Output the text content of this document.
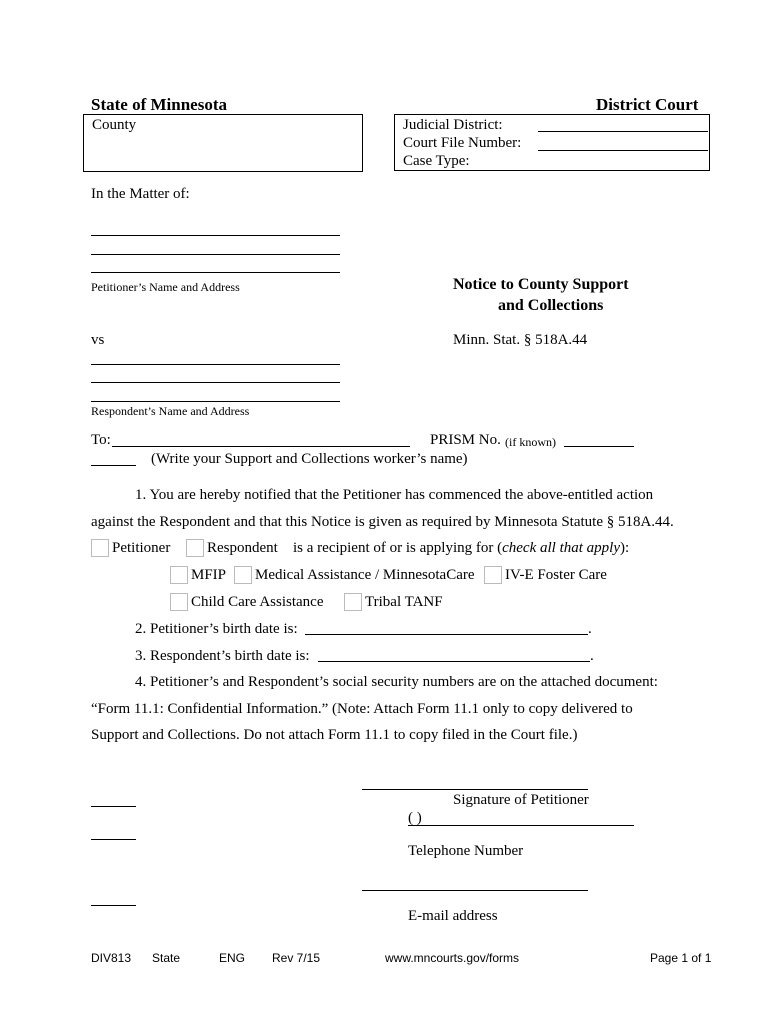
State of Minnesota	District Court
County	Judicial District:
Court File Number:
Case Type:
In the Matter of:
Petitioner’s Name and Address	Notice to County Support
and Collections
vs	Minn. Stat. § 518A.44
Respondent’s Name and Address
To:	PRISM No. (if known)
(Write your Support and Collections worker’s name)
1. You are hereby notified that the Petitioner has commenced the above-entitled action
against the Respondent and that this Notice is given as required by Minnesota Statute § 518A.44.
Petitioner Respondent is a recipient of or is applying for (check all that apply):
MFIP Medical Assistance / MinnesotaCare IV-E Foster Care
Child Care Assistance	Tribal TANF
2. Petitioner’s birth date is:	.
3. Respondent’s birth date is:	.
4. Petitioner’s and Respondent’s social security numbers are on the attached document:
“Form 11.1: Confidential Information.” (Note: Attach Form 11.1 only to copy delivered to
Support and Collections. Do not attach Form 11.1 to copy filed in the Court file.)
Signature of Petitioner
( )
Telephone Number
E-mail address
DIV813 State	ENG Rev 7/15	www.mncourts.gov/forms	Page 1 of 1
